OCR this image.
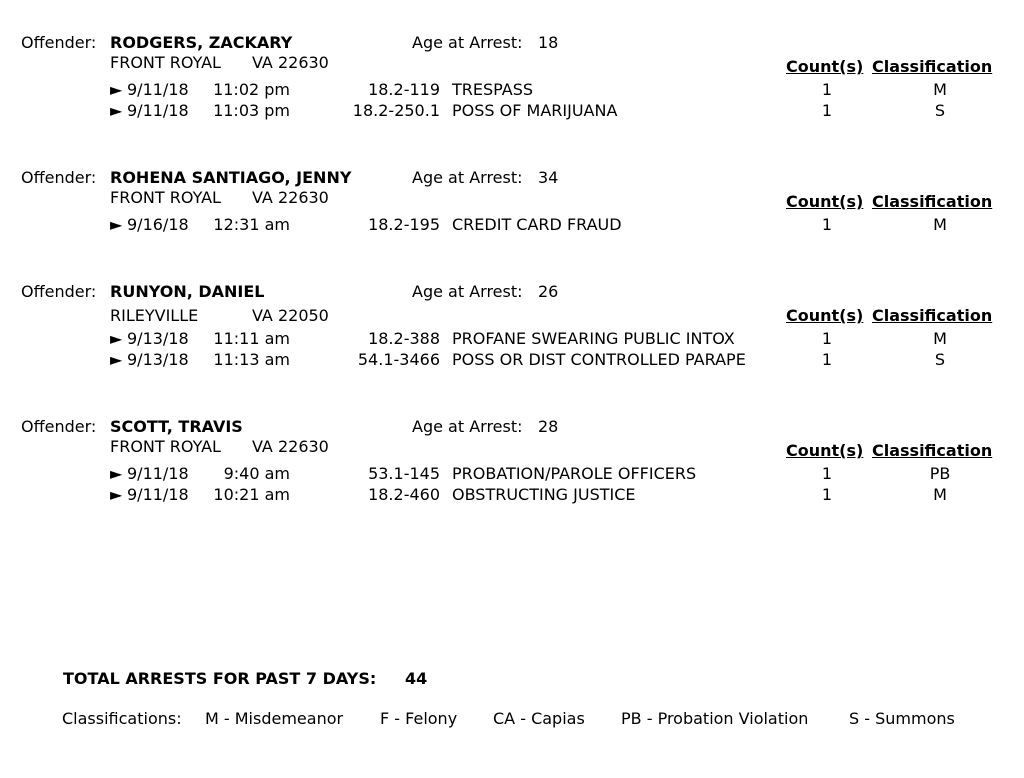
Offender: RODGERS, ZACKARY	Age at Arrest: 18
FRONT ROYAL VA 22630	Count(s) Classification
► 9/11/18	11:02 pm	18.2-119 TRESPASS	1	M
► 9/11/18	11:03 pm	18.2-250.1 POSS OF MARIJUANA	1	S
Offender: ROHENA SANTIAGO, JENNY	Age at Arrest: 34
FRONT ROYAL VA 22630	Count(s) Classification
► 9/16/18	12:31 am	18.2-195 CREDIT CARD FRAUD	1	M
Offender: RUNYON, DANIEL	Age at Arrest: 26
RILEYVILLE	VA 22050	Count(s) Classification
► 9/13/18	11:11 am	18.2-388 PROFANE SWEARING PUBLIC INTOX	1	M
► 9/13/18	11:13 am	54.1-3466 POSS OR DIST CONTROLLED PARAPE	1	S
Offender: SCOTT, TRAVIS	Age at Arrest: 28
FRONT ROYAL VA 22630	Count(s) Classification
► 9/11/18	9:40 am	53.1-145 PROBATION/PAROLE OFFICERS	1	PB
► 9/11/18	10:21 am	18.2-460 OBSTRUCTING JUSTICE	1	M
TOTAL ARRESTS FOR PAST 7 DAYS: 44
Classifications: M - Misdemeanor F - Felony CA - Capias PB - Probation Violation	S - Summons
